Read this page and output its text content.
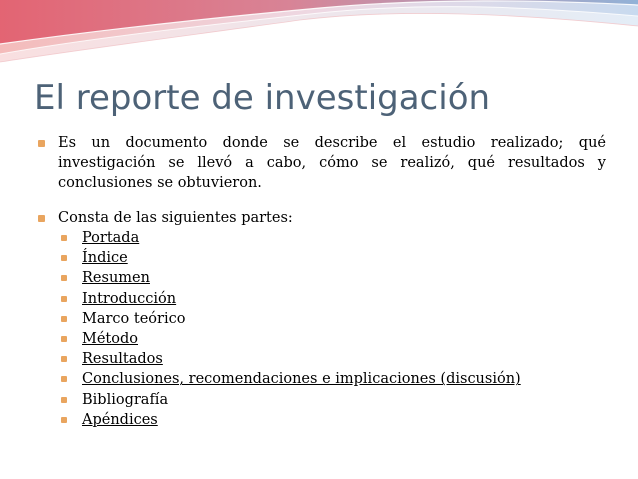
El reporte de investigación

Es un documento donde se describe el estudio realizado; qué investigación se llevó a cabo, cómo se realizó, qué resultados y conclusiones se obtuvieron.

Consta de las siguientes partes:

Portada
Índice
Resumen
Introducción
Marco teórico
Método
Resultados
Conclusiones, recomendaciones e implicaciones (discusión)
Bibliografía
Apéndices
